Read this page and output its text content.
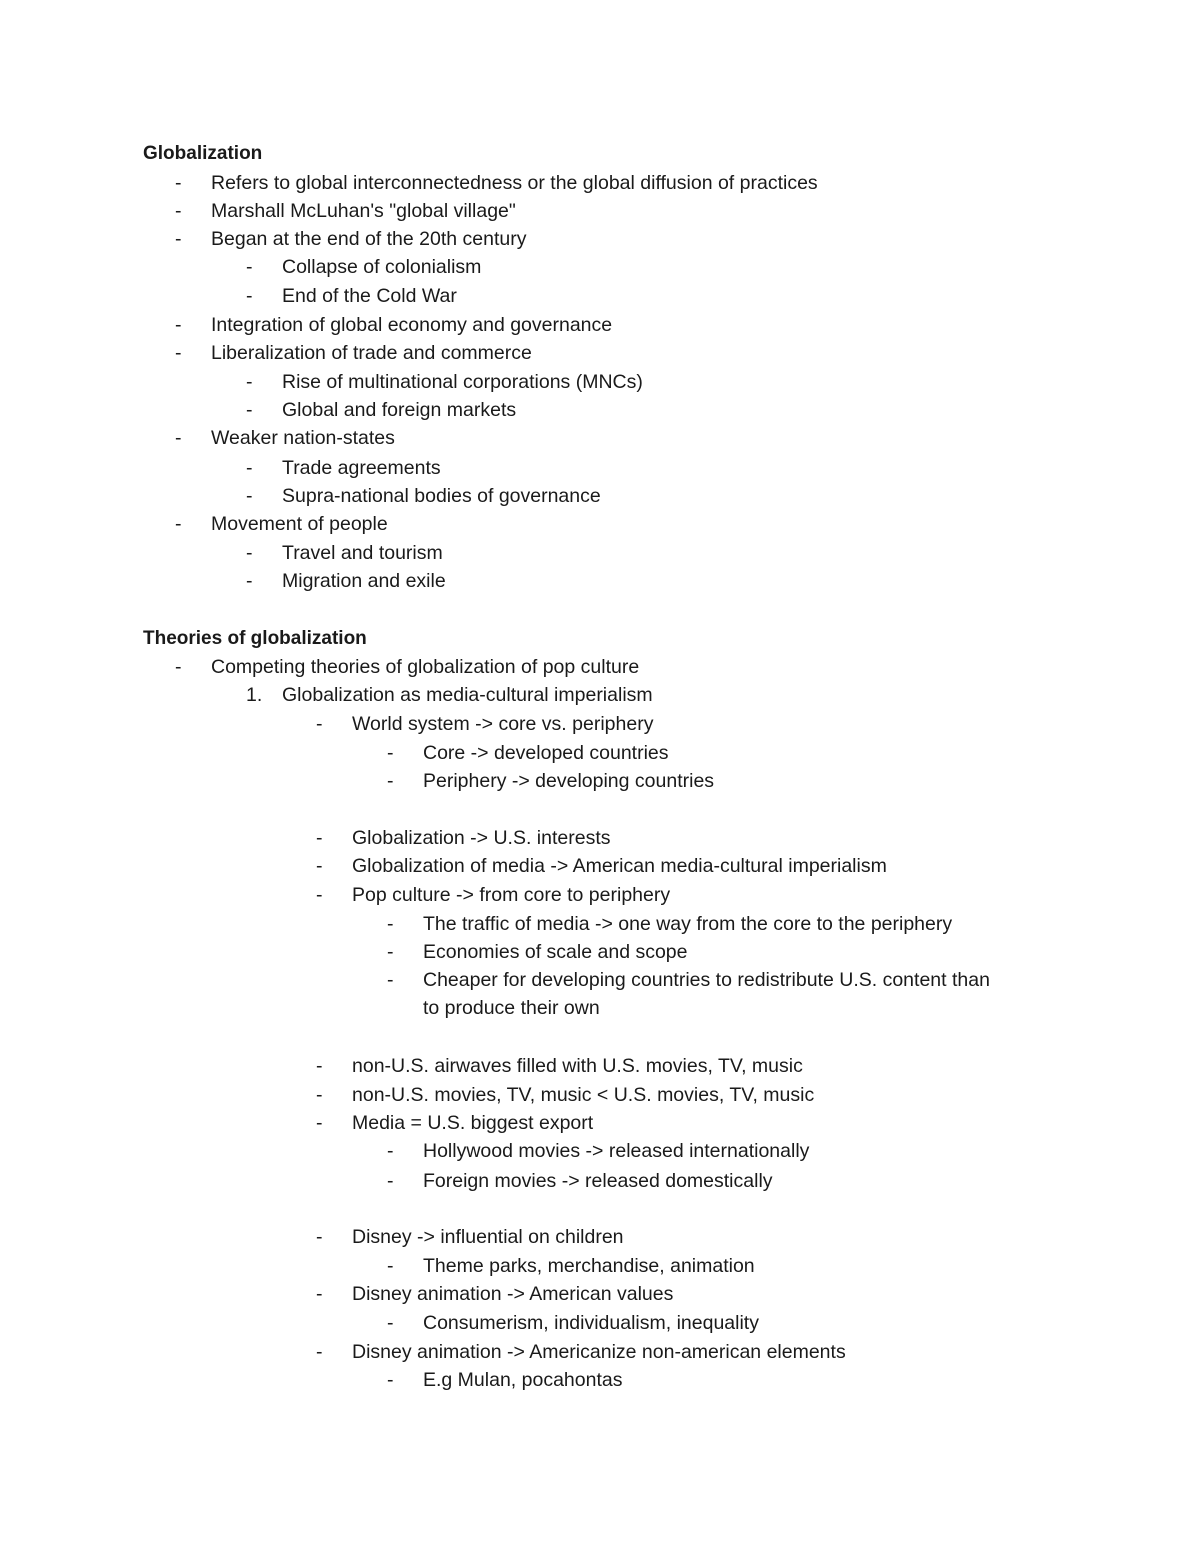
Globalization
-	Refers to global interconnectedness or the global diffusion of practices
-	Marshall McLuhan's "global village"
-	Began at the end of the 20th century
-	Collapse of colonialism
-	End of the Cold War
-	Integration of global economy and governance
-	Liberalization of trade and commerce
-	Rise of multinational corporations (MNCs)
-	Global and foreign markets
-	Weaker nation-states
-	Trade agreements
-	Supra-national bodies of governance
-	Movement of people
-	Travel and tourism
-	Migration and exile
Theories of globalization
-	Competing theories of globalization of pop culture
1. Globalization as media-cultural imperialism
-	World system -> core vs. periphery
-	Core -> developed countries
-	Periphery -> developing countries
-	Globalization -> U.S. interests
-	Globalization of media -> American media-cultural imperialism
-	Pop culture -> from core to periphery
-	The traffic of media -> one way from the core to the periphery
-	Economies of scale and scope
-	Cheaper for developing countries to redistribute U.S. content than
to produce their own
-	non-U.S. airwaves filled with U.S. movies, TV, music
-	non-U.S. movies, TV, music < U.S. movies, TV, music
-	Media = U.S. biggest export
-	Hollywood movies -> released internationally
-	Foreign movies -> released domestically
-	Disney -> influential on children
-	Theme parks, merchandise, animation
-	Disney animation -> American values
-	Consumerism, individualism, inequality
-	Disney animation -> Americanize non-american elements
-	E.g Mulan, pocahontas
